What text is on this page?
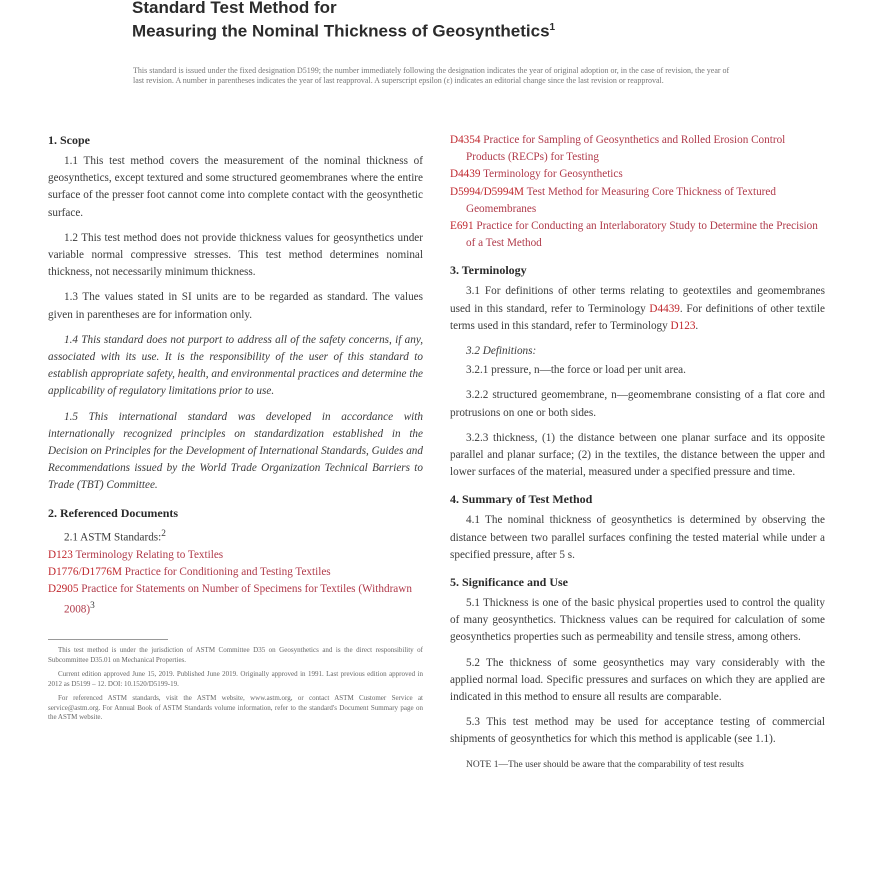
Standard Test Method for
Measuring the Nominal Thickness of Geosynthetics$^1$
This standard is issued under the fixed designation D5199; the number immediately following the designation indicates the year of original adoption or, in the case of revision, the year of last revision. A number in parentheses indicates the year of last reapproval. A superscript epsilon (ε) indicates an editorial change since the last revision or reapproval.
1. Scope

1.1 This test method covers the measurement of the nominal thickness of geosynthetics, except textured and some structured geomembranes where the entire surface of the presser foot cannot come into complete contact with the geosynthetic surface.

1.2 This test method does not provide thickness values for geosynthetics under variable normal compressive stresses. This test method determines nominal thickness, not necessarily minimum thickness.

1.3 The values stated in SI units are to be regarded as standard. The values given in parentheses are for information only.

1.4 This standard does not purport to address all of the safety concerns, if any, associated with its use. It is the responsibility of the user of this standard to establish appropriate safety, health, and environmental practices and determine the applicability of regulatory limitations prior to use.

1.5 This international standard was developed in accordance with internationally recognized principles on standardization established in the Decision on Principles for the Development of International Standards, Guides and Recommendations issued by the World Trade Organization Technical Barriers to Trade (TBT) Committee.

2. Referenced Documents
2.1 ASTM Standards:$^2$
D123 Terminology Relating to Textiles
D1776/D1776M Practice for Conditioning and Testing Textiles
D2905 Practice for Statements on Number of Specimens for Textiles (Withdrawn 2008)$^3$

This test method is under the jurisdiction of ASTM Committee D35 on Geosynthetics and is the direct responsibility of Subcommittee D35.01 on Mechanical Properties.

Current edition approved June 15, 2019. Published June 2019. Originally approved in 1991. Last previous edition approved in 2012 as D5199 – 12. DOI: 10.1520/D5199-19.

For referenced ASTM standards, visit the ASTM website, www.astm.org, or contact ASTM Customer Service at service@astm.org. For Annual Book of ASTM Standards volume information, refer to the standard's Document Summary page on the ASTM website.

D4354 Practice for Sampling of Geosynthetics and Rolled Erosion Control Products (RECPs) for Testing
D4439 Terminology for Geosynthetics
D5994/D5994M Test Method for Measuring Core Thickness of Textured Geomembranes
E691 Practice for Conducting an Interlaboratory Study to Determine the Precision of a Test Method
3. Terminology

3.1 For definitions of other terms relating to geotextiles and geomembranes used in this standard, refer to Terminology D4439. For definitions of other textile terms used in this standard, refer to Terminology D123.

3.2 Definitions:

3.2.1 pressure, n—the force or load per unit area.

3.2.2 structured geomembrane, n—geomembrane consisting of a flat core and protrusions on one or both sides.

3.2.3 thickness, (1) the distance between one planar surface and its opposite parallel and planar surface; (2) in the textiles, the distance between the upper and lower surfaces of the material, measured under a specified pressure and time.

4. Summary of Test Method

4.1 The nominal thickness of geosynthetics is determined by observing the distance between two parallel surfaces confining the tested material while under a specified pressure, after 5 s.

5. Significance and Use

5.1 Thickness is one of the basic physical properties used to control the quality of many geosynthetics. Thickness values can be required for calculation of some geosynthetics properties such as permeability and tensile stress, among others.

5.2 The thickness of some geosynthetics may vary considerably with the applied normal load. Specific pressures and surfaces on which they are applied are indicated in this method to ensure all results are comparable.

5.3 This test method may be used for acceptance testing of commercial shipments of geosynthetics for which this method is applicable (see 1.1).

NOTE 1—The user should be aware that the comparability of test results
